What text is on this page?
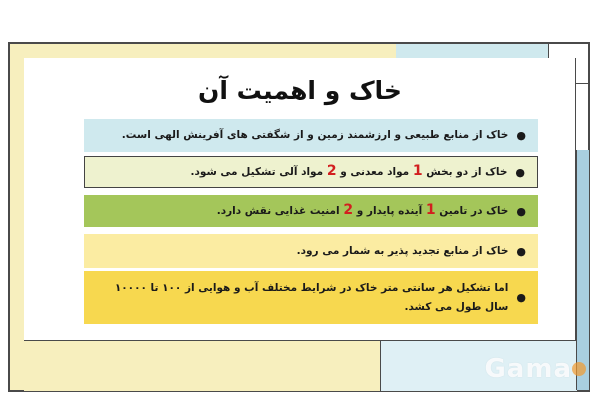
خاک و اهمیت آن
●
خاک از منابع طبیعی و ارزشمند زمین و از شگفتی های آفرینش الهی است.
●
خاک از دو بخش 1 مواد معدنی و 2 مواد آلی تشکیل می شود.
●
خاک در تامین 1 آینده پایدار و 2 امنیت غذایی نقش دارد.
●
خاک از منابع تجدید پذیر به شمار می رود.
●
اما تشکیل هر سانتی متر خاک در شرایط مختلف آب و هوایی از ۱۰۰ تا ۱۰۰۰۰ سال طول می کشد.
Gama
